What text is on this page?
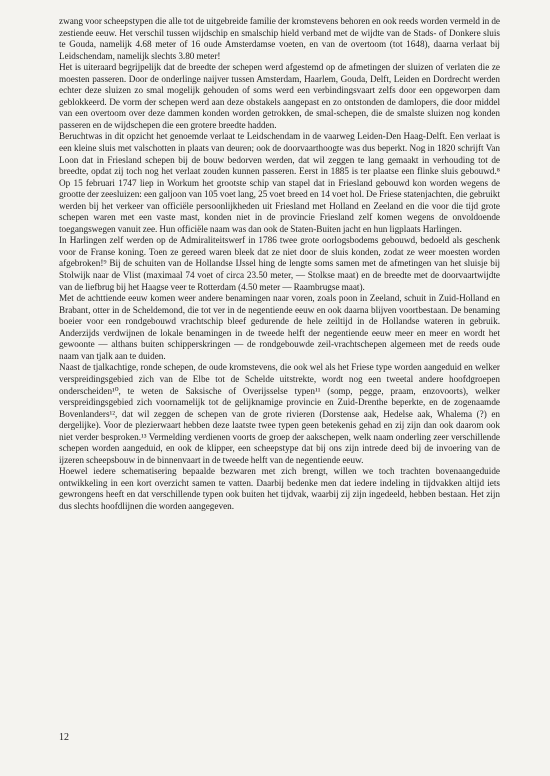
zwang voor scheepstypen die alle tot de uitgebreide familie der kromstevens behoren en ook reeds worden vermeld in de zestiende eeuw. Het verschil tussen wijdschip en smalschip hield verband met de wijdte van de Stads- of Donkere sluis te Gouda, namelijk 4.68 meter of 16 oude Amsterdamse voeten, en van de overtoom (tot 1648), daarna verlaat bij Leidschendam, namelijk slechts 3.80 meter!

Het is uiteraard begrijpelijk dat de breedte der schepen werd afgestemd op de afmetingen der sluizen of verlaten die ze moesten passeren. Door de onderlinge naijver tussen Amsterdam, Haarlem, Gouda, Delft, Leiden en Dordrecht werden echter deze sluizen zo smal mogelijk gehouden of soms werd een verbindingsvaart zelfs door een opgeworpen dam geblokkeerd. De vorm der schepen werd aan deze obstakels aangepast en zo ontstonden de damlopers, die door middel van een overtoom over deze dammen konden worden getrokken, de smal-schepen, die de smalste sluizen nog konden passeren en de wijdschepen die een grotere breedte hadden.

Beruchtwas in dit opzicht het genoemde verlaat te Leidschendam in de vaarweg Leiden-Den Haag-Delft. Een verlaat is een kleine sluis met valschotten in plaats van deuren; ook de doorvaarthoogte was dus beperkt. Nog in 1820 schrijft Van Loon dat in Friesland schepen bij de bouw bedorven werden, dat wil zeggen te lang gemaakt in verhouding tot de breedte, opdat zij toch nog het verlaat zouden kunnen passeren. Eerst in 1885 is ter plaatse een flinke sluis gebouwd.⁸ Op 15 februari 1747 liep in Workum het grootste schip van stapel dat in Friesland gebouwd kon worden wegens de grootte der zeesluizen: een galjoon van 105 voet lang, 25 voet breed en 14 voet hol. De Friese statenjachten, die gebruikt werden bij het verkeer van officiële persoonlijkheden uit Friesland met Holland en Zeeland en die voor die tijd grote schepen waren met een vaste mast, konden niet in de provincie Friesland zelf komen wegens de onvoldoende toegangswegen vanuit zee. Hun officiële naam was dan ook de Staten-Buiten jacht en hun ligplaats Harlingen.

In Harlingen zelf werden op de Admiraliteitswerf in 1786 twee grote oorlogsbodems gebouwd, bedoeld als geschenk voor de Franse koning. Toen ze gereed waren bleek dat ze niet door de sluis konden, zodat ze weer moesten worden afgebroken!⁹ Bij de schuiten van de Hollandse IJssel hing de lengte soms samen met de afmetingen van het sluisje bij Stolwijk naar de Vlist (maximaal 74 voet of circa 23.50 meter, — Stolkse maat) en de breedte met de doorvaartwijdte van de liefbrug bij het Haagse veer te Rotterdam (4.50 meter — Raambrugse maat).

Met de achttiende eeuw komen weer andere benamingen naar voren, zoals poon in Zeeland, schuit in Zuid-Holland en Brabant, otter in de Scheldemond, die tot ver in de negentiende eeuw en ook daarna blijven voortbestaan. De benaming boeier voor een rondgebouwd vrachtschip bleef gedurende de hele zeiltijd in de Hollandse wateren in gebruik. Anderzijds verdwijnen de lokale benamingen in de tweede helft der negentiende eeuw meer en meer en wordt het gewoonte — althans buiten schipperskringen — de rondgebouwde zeil-vrachtschepen algemeen met de reeds oude naam van tjalk aan te duiden.

Naast de tjalkachtige, ronde schepen, de oude kromstevens, die ook wel als het Friese type worden aangeduid en welker verspreidingsgebied zich van de Elbe tot de Schelde uitstrekte, wordt nog een tweetal andere hoofdgroepen onderscheiden¹⁰, te weten de Saksische of Overijsselse typen¹¹ (somp, pegge, praam, enzovoorts), welker verspreidingsgebied zich voornamelijk tot de gelijknamige provincie en Zuid-Drenthe beperkte, en de zogenaamde Bovenlanders¹², dat wil zeggen de schepen van de grote rivieren (Dorstense aak, Hedelse aak, Whalema (?) en dergelijke). Voor de plezierwaart hebben deze laatste twee typen geen betekenis gehad en zij zijn dan ook daarom ook niet verder besproken.¹³ Vermelding verdienen voorts de groep der aakschepen, welk naam onderling zeer verschillende schepen worden aangeduid, en ook de klipper, een scheepstype dat bij ons zijn intrede deed bij de invoering van de ijzeren scheepsbouw in de binnenvaart in de tweede helft van de negentiende eeuw.

Hoewel iedere schematisering bepaalde bezwaren met zich brengt, willen we toch trachten bovenaangeduide ontwikkeling in een kort overzicht samen te vatten. Daarbij bedenke men dat iedere indeling in tijdvakken altijd iets gewrongens heeft en dat verschillende typen ook buiten het tijdvak, waarbij zij zijn ingedeeld, hebben bestaan. Het zijn dus slechts hoofdlijnen die worden aangegeven.

12
